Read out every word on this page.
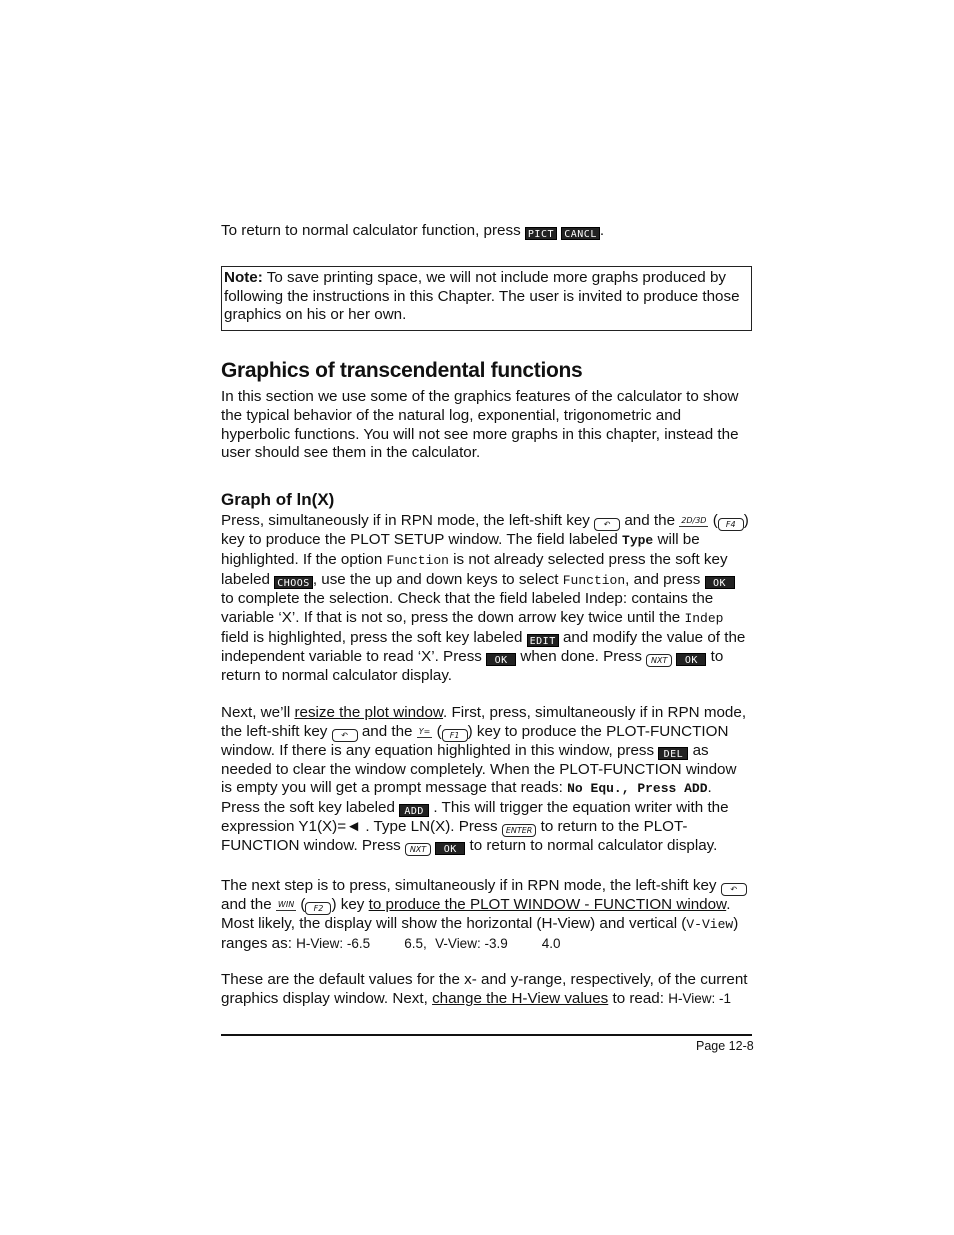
To return to normal calculator function, press PICT CANCL .

Note: To save printing space, we will not include more graphs produced by following the instructions in this Chapter. The user is invited to produce those graphics on his or her own.

Graphics of transcendental functions

In this section we use some of the graphics features of the calculator to show the typical behavior of the natural log, exponential, trigonometric and hyperbolic functions. You will not see more graphs in this chapter, instead the user should see them in the calculator.

Graph of ln(X)

Press, simultaneously if in RPN mode, the left-shift key ↶ and the 2D/3D ( F4 ) key to produce the PLOT SETUP window. The field labeled Type will be highlighted. If the option Function is not already selected press the soft key labeled CHOOS , use the up and down keys to select Function, and press OK to complete the selection. Check that the field labeled Indep: contains the variable ‘X’. If that is not so, press the down arrow key twice until the Indep field is highlighted, press the soft key labeled EDIT and modify the value of the independent variable to read ‘X’. Press OK when done. Press NXT OK to return to normal calculator display.

Next, we’ll resize the plot window. First, press, simultaneously if in RPN mode, the left-shift key ↶ and the Y= ( F1 ) key to produce the PLOT-FUNCTION window. If there is any equation highlighted in this window, press DEL as needed to clear the window completely. When the PLOT-FUNCTION window is empty you will get a prompt message that reads: No Equ., Press ADD. Press the soft key labeled ADD . This will trigger the equation writer with the expression Y1(X)=◄ . Type LN(X). Press ENTER to return to the PLOT-FUNCTION window. Press NXT OK to return to normal calculator display.

The next step is to press, simultaneously if in RPN mode, the left-shift key ↶ and the WIN ( F2 ) key to produce the PLOT WINDOW - FUNCTION window. Most likely, the display will show the horizontal (H-View) and vertical (V-View) ranges as: H-View: -6.5	6.5, V-View: -3.9	4.0

These are the default values for the x- and y-range, respectively, of the current graphics display window. Next, change the H-View values to read: H-View: -1

Page 12-8
